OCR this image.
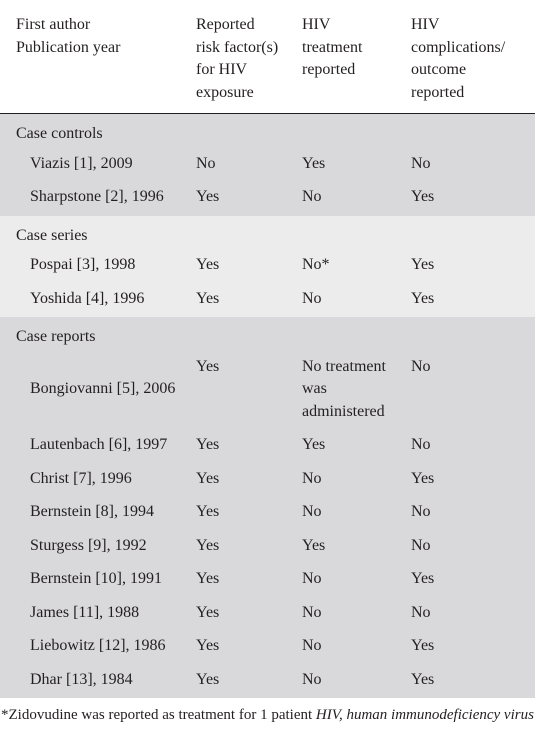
First author
Publication year	Reported
risk factor(s)
for HIV
exposure	HIV
treatment
reported	HIV
complications/
outcome
reported

Case controls			
Viazis [1], 2009	No	Yes	No
Sharpstone [2], 1996	Yes	No	Yes
Case series			
Pospai [3], 1998	Yes	No*	Yes
Yoshida [4], 1996	Yes	No	Yes
Case reports			
Bongiovanni [5], 2006	Yes	No treatment
was
administered	No
Lautenbach [6], 1997	Yes	Yes	No
Christ [7], 1996	Yes	No	Yes
Bernstein [8], 1994	Yes	No	No
Sturgess [9], 1992	Yes	Yes	No
Bernstein [10], 1991	Yes	No	Yes
James [11], 1988	Yes	No	No
Liebowitz [12], 1986	Yes	No	Yes
Dhar [13], 1984	Yes	No	Yes
*Zidovudine was reported as treatment for 1 patient HIV, human immunodeficiency virus
